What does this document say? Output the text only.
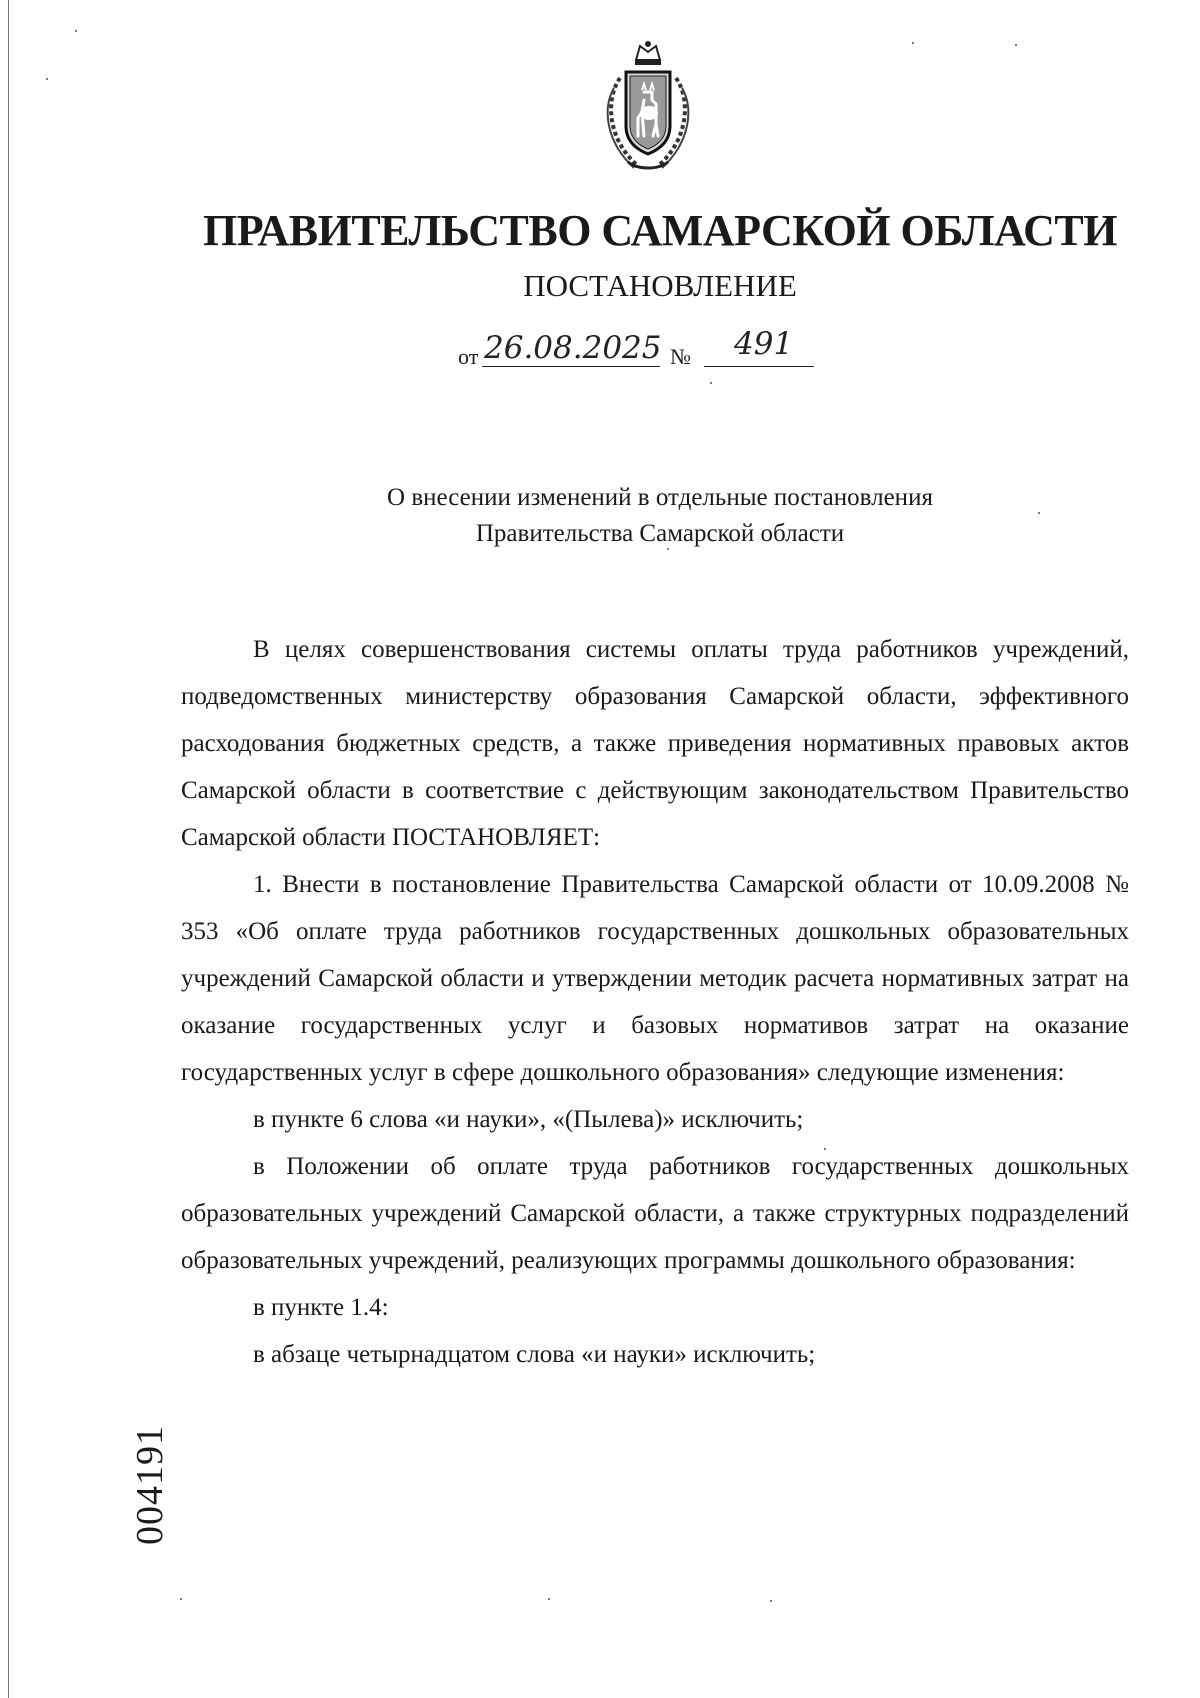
ПРАВИТЕЛЬСТВО САМАРСКОЙ ОБЛАСТИ
ПОСТАНОВЛЕНИЕ
от 26.08.2025 № 491
О внесении изменений в отдельные постановления
Правительства Самарской области

В целях совершенствования системы оплаты труда работников учреждений, подведомственных министерству образования Самарской области, эффективного расходования бюджетных средств, а также приведения нормативных правовых актов Самарской области в соответствие с действующим законодательством Правительство Самарской области ПОСТАНОВЛЯЕТ:

1. Внести в постановление Правительства Самарской области от 10.09.2008 № 353 «Об оплате труда работников государственных дошкольных образовательных учреждений Самарской области и утверждении методик расчета нормативных затрат на оказание государственных услуг и базовых нормативов затрат на оказание государственных услуг в сфере дошкольного образования» следующие изменения:

в пункте 6 слова «и науки», «(Пылева)» исключить;

в Положении об оплате труда работников государственных дошкольных образовательных учреждений Самарской области, а также структурных подразделений образовательных учреждений, реализующих программы дошкольного образования:

в пункте 1.4:

в абзаце четырнадцатом слова «и науки» исключить;

004191
